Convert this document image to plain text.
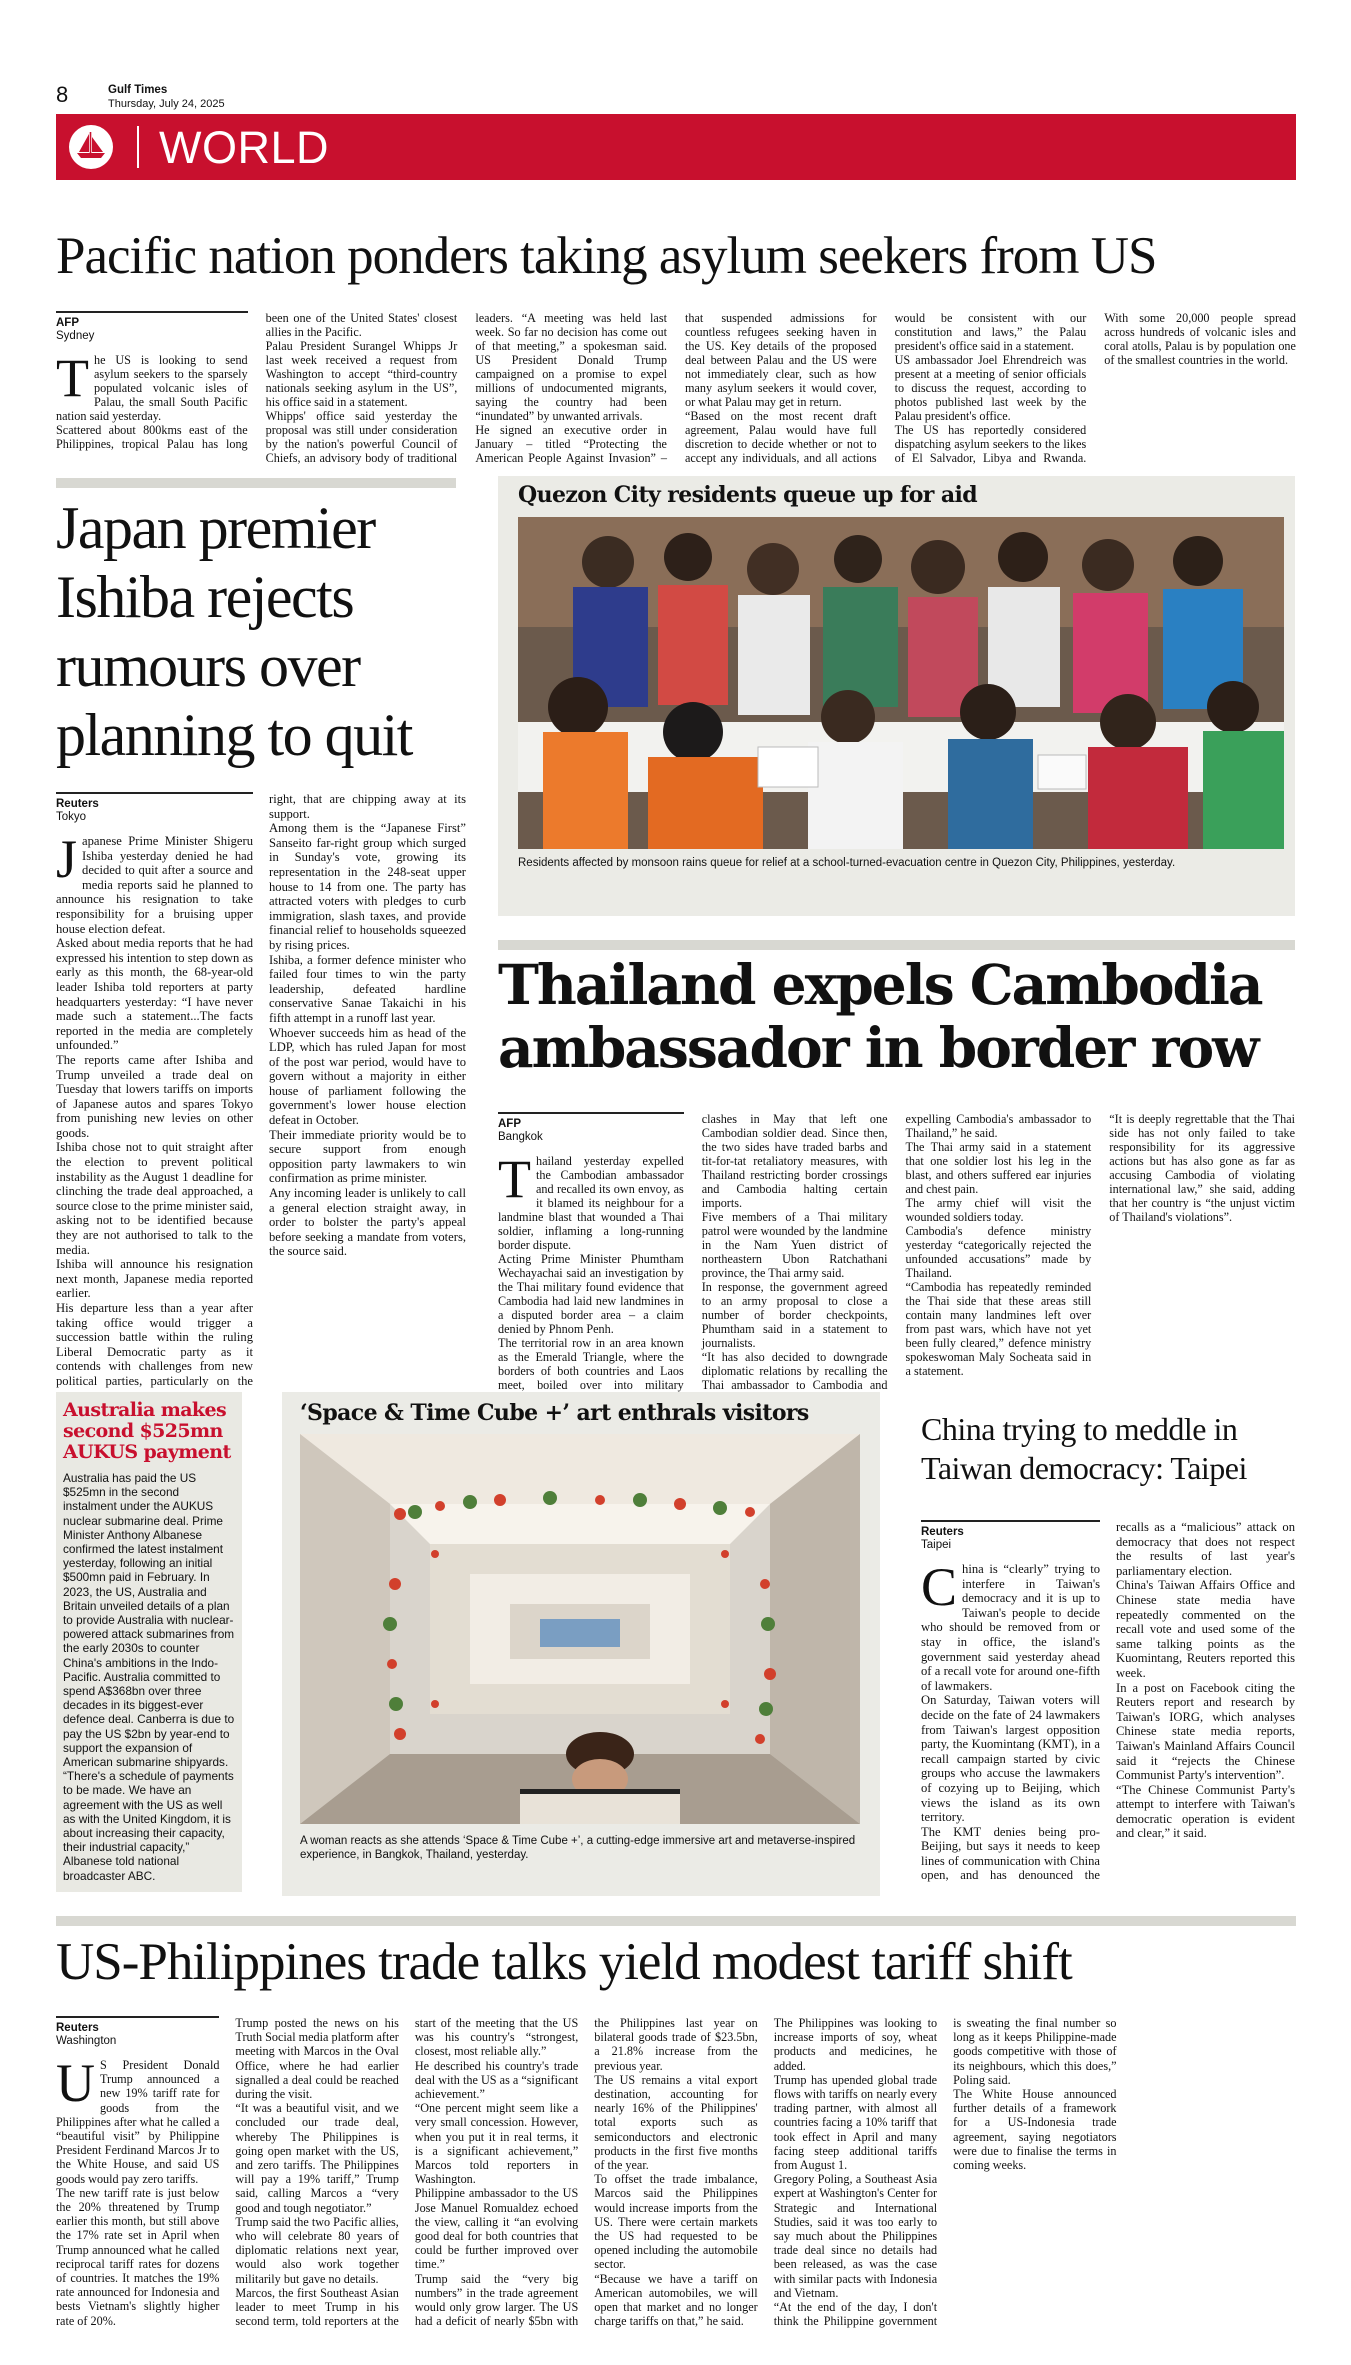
8	Gulf Times
Thursday, July 24, 2025
WORLD
Pacific nation ponders taking asylum seekers from US
AFP
Sydney

The US is looking to send asylum seekers to the sparsely populated volcanic isles of Palau, the small South Pacific nation said yesterday.

Scattered about 800kms east of the Philippines, tropical Palau has long been one of the United States' closest allies in the Pacific.

Palau President Surangel Whipps Jr last week received a request from Washington to accept “third-country nationals seeking asylum in the US”, his office said in a statement.

Whipps' office said yesterday the proposal was still under consideration by the nation's powerful Council of Chiefs, an advisory body of traditional leaders. “A meeting was held last week. So far no decision has come out of that meeting,” a spokesman said. US President Donald Trump campaigned on a promise to expel millions of undocumented migrants, saying the country had been “inundated” by unwanted arrivals.

He signed an executive order in January – titled “Protecting the American People Against Invasion” – that suspended admissions for countless refugees seeking haven in the US. Key details of the proposed deal between Palau and the US were not immediately clear, such as how many asylum seekers it would cover, or what Palau may get in return.

“Based on the most recent draft agreement, Palau would have full discretion to decide whether or not to accept any individuals, and all actions would be consistent with our constitution and laws,” the Palau president's office said in a statement.

US ambassador Joel Ehrendreich was present at a meeting of senior officials to discuss the request, according to photos published last week by the Palau president's office.

The US has reportedly considered dispatching asylum seekers to the likes of El Salvador, Libya and Rwanda. With some 20,000 people spread across hundreds of volcanic isles and coral atolls, Palau is by population one of the smallest countries in the world.

Japan premier Ishiba rejects rumours over planning to quit
Reuters
Tokyo

Japanese Prime Minister Shigeru Ishiba yesterday denied he had decided to quit after a source and media reports said he planned to announce his resignation to take responsibility for a bruising upper house election defeat.

Asked about media reports that he had expressed his intention to step down as early as this month, the 68-year-old leader Ishiba told reporters at party headquarters yesterday: “I have never made such a statement...The facts reported in the media are completely unfounded.”

The reports came after Ishiba and Trump unveiled a trade deal on Tuesday that lowers tariffs on imports of Japanese autos and spares Tokyo from punishing new levies on other goods.

Ishiba chose not to quit straight after the election to prevent political instability as the August 1 deadline for clinching the trade deal approached, a source close to the prime minister said, asking not to be identified because they are not authorised to talk to the media.

Ishiba will announce his resignation next month, Japanese media reported earlier.

His departure less than a year after taking office would trigger a succession battle within the ruling Liberal Democratic party as it contends with challenges from new political parties, particularly on the right, that are chipping away at its support.

Among them is the “Japanese First” Sanseito far-right group which surged in Sunday's vote, growing its representation in the 248-seat upper house to 14 from one. The party has attracted voters with pledges to curb immigration, slash taxes, and provide financial relief to households squeezed by rising prices.

Ishiba, a former defence minister who failed four times to win the party leadership, defeated hardline conservative Sanae Takaichi in his fifth attempt in a runoff last year.

Whoever succeeds him as head of the LDP, which has ruled Japan for most of the post war period, would have to govern without a majority in either house of parliament following the government's lower house election defeat in October.

Their immediate priority would be to secure support from enough opposition party lawmakers to win confirmation as prime minister.

Any incoming leader is unlikely to call a general election straight away, in order to bolster the party's appeal before seeking a mandate from voters, the source said.

Quezon City residents queue up for aid
Residents affected by monsoon rains queue for relief at a school-turned-evacuation centre in Quezon City, Philippines, yesterday.
Thailand expels Cambodia ambassador in border row
AFP
Bangkok

Thailand yesterday expelled the Cambodian ambassador and recalled its own envoy, as it blamed its neighbour for a landmine blast that wounded a Thai soldier, inflaming a long-running border dispute.

Acting Prime Minister Phumtham Wechayachai said an investigation by the Thai military found evidence that Cambodia had laid new landmines in a disputed border area – a claim denied by Phnom Penh.

The territorial row in an area known as the Emerald Triangle, where the borders of both countries and Laos meet, boiled over into military clashes in May that left one Cambodian soldier dead. Since then, the two sides have traded barbs and tit-for-tat retaliatory measures, with Thailand restricting border crossings and Cambodia halting certain imports.

Five members of a Thai military patrol were wounded by the landmine in the Nam Yuen district of northeastern Ubon Ratchathani province, the Thai army said.

In response, the government agreed to an army proposal to close a number of border checkpoints, Phumtham said in a statement to journalists.

“It has also decided to downgrade diplomatic relations by recalling the Thai ambassador to Cambodia and expelling Cambodia's ambassador to Thailand,” he said.

The Thai army said in a statement that one soldier lost his leg in the blast, and others suffered ear injuries and chest pain.

The army chief will visit the wounded soldiers today.

Cambodia's defence ministry yesterday “categorically rejected the unfounded accusations” made by Thailand.

“Cambodia has repeatedly reminded the Thai side that these areas still contain many landmines left over from past wars, which have not yet been fully cleared,” defence ministry spokeswoman Maly Socheata said in a statement.

“It is deeply regrettable that the Thai side has not only failed to take responsibility for its aggressive actions but has also gone as far as accusing Cambodia of violating international law,” she said, adding that her country is “the unjust victim of Thailand's violations”.

Australia makes second $525mn AUKUS payment
Australia has paid the US $525mn in the second instalment under the AUKUS nuclear submarine deal. Prime Minister Anthony Albanese confirmed the latest instalment yesterday, following an initial $500mn paid in February. In 2023, the US, Australia and Britain unveiled details of a plan to provide Australia with nuclear-powered attack submarines from the early 2030s to counter China's ambitions in the Indo-Pacific. Australia committed to spend A$368bn over three decades in its biggest-ever defence deal. Canberra is due to pay the US $2bn by year-end to support the expansion of American submarine shipyards. “There's a schedule of payments to be made. We have an agreement with the US as well as with the United Kingdom, it is about increasing their capacity, their industrial capacity,” Albanese told national broadcaster ABC.
‘Space & Time Cube +’ art enthrals visitors
A woman reacts as she attends ‘Space & Time Cube +’, a cutting-edge immersive art and metaverse-inspired experience, in Bangkok, Thailand, yesterday.
China trying to meddle in Taiwan democracy: Taipei
Reuters
Taipei

China is “clearly” trying to interfere in Taiwan's democracy and it is up to Taiwan's people to decide who should be removed from or stay in office, the island's government said yesterday ahead of a recall vote for around one-fifth of lawmakers.

On Saturday, Taiwan voters will decide on the fate of 24 lawmakers from Taiwan's largest opposition party, the Kuomintang (KMT), in a recall campaign started by civic groups who accuse the lawmakers of cozying up to Beijing, which views the island as its own territory.

The KMT denies being pro-Beijing, but says it needs to keep lines of communication with China open, and has denounced the recalls as a “malicious” attack on democracy that does not respect the results of last year's parliamentary election.

China's Taiwan Affairs Office and Chinese state media have repeatedly commented on the recall vote and used some of the same talking points as the Kuomintang, Reuters reported this week.

In a post on Facebook citing the Reuters report and research by Taiwan's IORG, which analyses Chinese state media reports, Taiwan's Mainland Affairs Council said it “rejects the Chinese Communist Party's intervention”.

“The Chinese Communist Party's attempt to interfere with Taiwan's democratic operation is evident and clear,” it said.

US-Philippines trade talks yield modest tariff shift
Reuters
Washington

US President Donald Trump announced a new 19% tariff rate for goods from the Philippines after what he called a “beautiful visit” by Philippine President Ferdinand Marcos Jr to the White House, and said US goods would pay zero tariffs.

The new tariff rate is just below the 20% threatened by Trump earlier this month, but still above the 17% rate set in April when Trump announced what he called reciprocal tariff rates for dozens of countries. It matches the 19% rate announced for Indonesia and bests Vietnam's slightly higher rate of 20%.

Trump posted the news on his Truth Social media platform after meeting with Marcos in the Oval Office, where he had earlier signalled a deal could be reached during the visit.

“It was a beautiful visit, and we concluded our trade deal, whereby The Philippines is going open market with the US, and zero tariffs. The Philippines will pay a 19% tariff,” Trump said, calling Marcos a “very good and tough negotiator.”

Trump said the two Pacific allies, who will celebrate 80 years of diplomatic relations next year, would also work together militarily but gave no details.

Marcos, the first Southeast Asian leader to meet Trump in his second term, told reporters at the start of the meeting that the US was his country's “strongest, closest, most reliable ally.”

He described his country's trade deal with the US as a “significant achievement.”

“One percent might seem like a very small concession. However, when you put it in real terms, it is a significant achievement,” Marcos told reporters in Washington.

Philippine ambassador to the US Jose Manuel Romualdez echoed the view, calling it “an evolving good deal for both countries that could be further improved over time.”

Trump said the “very big numbers” in the trade agreement would only grow larger. The US had a deficit of nearly $5bn with the Philippines last year on bilateral goods trade of $23.5bn, a 21.8% increase from the previous year.

The US remains a vital export destination, accounting for nearly 16% of the Philippines' total exports such as semiconductors and electronic products in the first five months of the year.

To offset the trade imbalance, Marcos said the Philippines would increase imports from the US. There were certain markets the US had requested to be opened including the automobile sector.

“Because we have a tariff on American automobiles, we will open that market and no longer charge tariffs on that,” he said.

The Philippines was looking to increase imports of soy, wheat products and medicines, he added.

Trump has upended global trade flows with tariffs on nearly every trading partner, with almost all countries facing a 10% tariff that took effect in April and many facing steep additional tariffs from August 1.

Gregory Poling, a Southeast Asia expert at Washington's Center for Strategic and International Studies, said it was too early to say much about the Philippines trade deal since no details had been released, as was the case with similar pacts with Indonesia and Vietnam.

“At the end of the day, I don't think the Philippine government is sweating the final number so long as it keeps Philippine-made goods competitive with those of its neighbours, which this does,” Poling said.

The White House announced further details of a framework for a US-Indonesia trade agreement, saying negotiators were due to finalise the terms in coming weeks.
